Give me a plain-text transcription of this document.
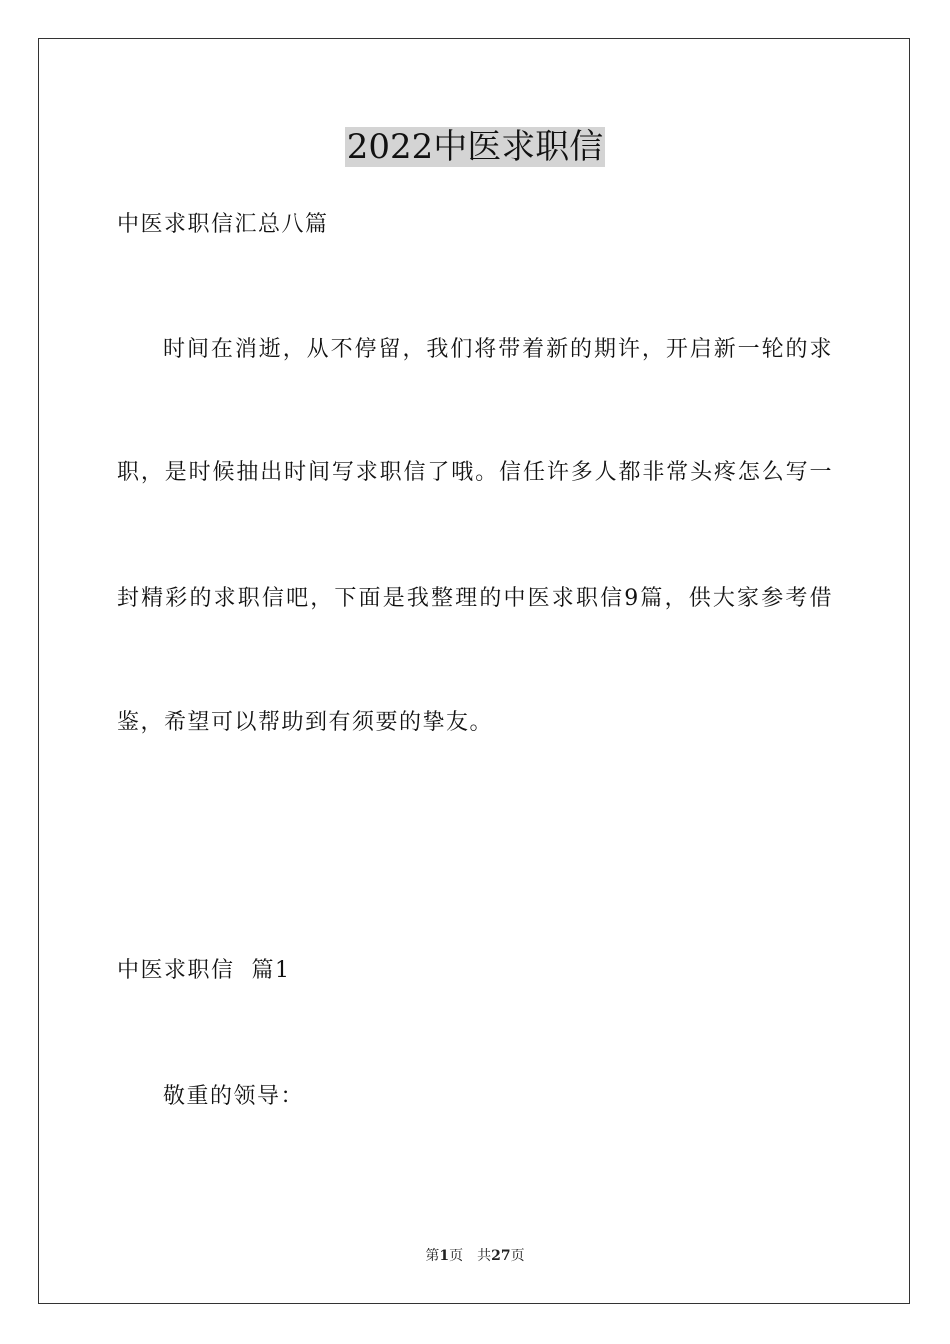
2022中医求职信
中医求职信汇总八篇
时间在消逝，从不停留，我们将带着新的期许，开启新一轮的求
职，是时候抽出时间写求职信了哦。信任许多人都非常头疼怎么写一
封精彩的求职信吧，下面是我整理的中医求职信9篇，供大家参考借
鉴，希望可以帮助到有须要的挚友。
中医求职信  篇1
敬重的领导：
第1页 共27页
